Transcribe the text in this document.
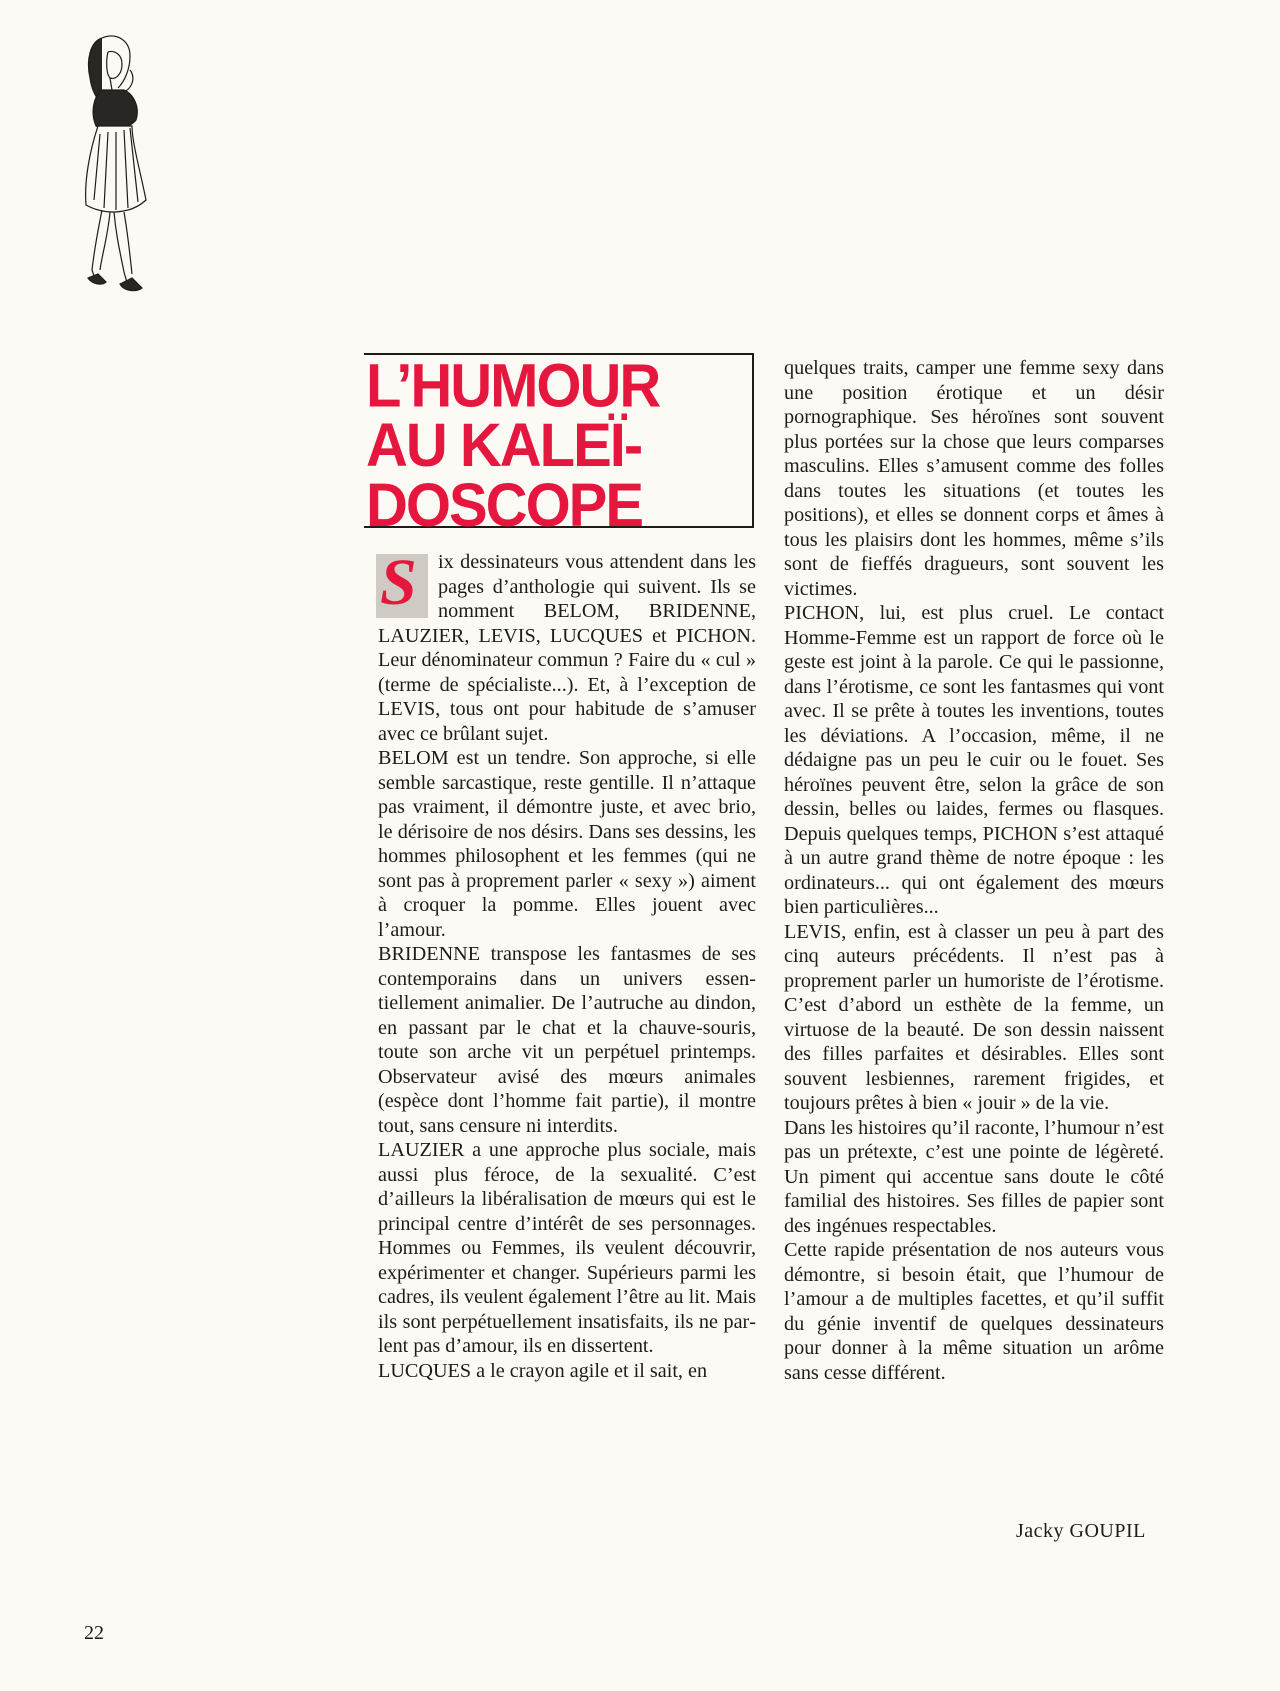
L’HUMOUR
AU KALEÏ-
DOSCOPE
S	ix dessinateurs vous attendent dans les pages d’anthologie qui suivent. Ils se nomment BELOM, BRIDENNE, LAUZIER, LEVIS, LUCQUES et PICHON. Leur dénominateur commun ? Faire du « cul » (terme de spécialiste...). Et, à l’exception de LEVIS, tous ont pour habitude de s’amuser avec ce brûlant sujet.

BELOM est un tendre. Son approche, si elle semble sarcastique, reste gentille. Il n’attaque pas vraiment, il démontre juste, et avec brio, le dérisoire de nos désirs. Dans ses dessins, les hommes philosophent et les femmes (qui ne sont pas à proprement parler « sexy ») aiment à croquer la pomme. Elles jouent avec l’amour.

BRIDENNE transpose les fantasmes de ses contemporains dans un univers essentiellement animalier. De l’autruche au dindon, en passant par le chat et la chauve-souris, toute son arche vit un perpétuel printemps. Observateur avisé des mœurs animales (espèce dont l’homme fait partie), il montre tout, sans censure ni interdits.

LAUZIER a une approche plus sociale, mais aussi plus féroce, de la sexualité. C’est d’ailleurs la libéralisation de mœurs qui est le principal centre d’intérêt de ses personnages. Hommes ou Femmes, ils veulent découvrir, expérimenter et changer. Supérieurs parmi les cadres, ils veulent également l’être au lit. Mais ils sont perpétuellement insatisfaits, ils ne parlent pas d’amour, ils en dissertent.

LUCQUES a le crayon agile et il sait, en

quelques traits, camper une femme sexy dans une position érotique et un désir pornographique. Ses héroïnes sont souvent plus portées sur la chose que leurs comparses masculins. Elles s’amusent comme des folles dans toutes les situations (et toutes les positions), et elles se donnent corps et âmes à tous les plaisirs dont les hommes, même s’ils sont de fieffés dragueurs, sont souvent les victimes.

PICHON, lui, est plus cruel. Le contact Homme-Femme est un rapport de force où le geste est joint à la parole. Ce qui le passionne, dans l’érotisme, ce sont les fantasmes qui vont avec. Il se prête à toutes les inventions, toutes les déviations. A l’occasion, même, il ne dédaigne pas un peu le cuir ou le fouet. Ses héroïnes peuvent être, selon la grâce de son dessin, belles ou laides, fermes ou flasques. Depuis quelques temps, PICHON s’est attaqué à un autre grand thème de notre époque : les ordinateurs... qui ont également des mœurs bien particulières...

LEVIS, enfin, est à classer un peu à part des cinq auteurs précédents. Il n’est pas à proprement parler un humoriste de l’érotisme. C’est d’abord un esthète de la femme, un virtuose de la beauté. De son dessin naissent des filles parfaites et désirables. Elles sont souvent lesbiennes, rarement frigides, et toujours prêtes à bien « jouir » de la vie.

Dans les histoires qu’il raconte, l’humour n’est pas un prétexte, c’est une pointe de légèreté. Un piment qui accentue sans doute le côté familial des histoires. Ses filles de papier sont des ingénues respectables.

Cette rapide présentation de nos auteurs vous démontre, si besoin était, que l’humour de l’amour a de multiples facettes, et qu’il suffit du génie inventif de quelques dessinateurs pour donner à la même situation un arôme sans cesse différent.

Jacky GOUPIL
22
